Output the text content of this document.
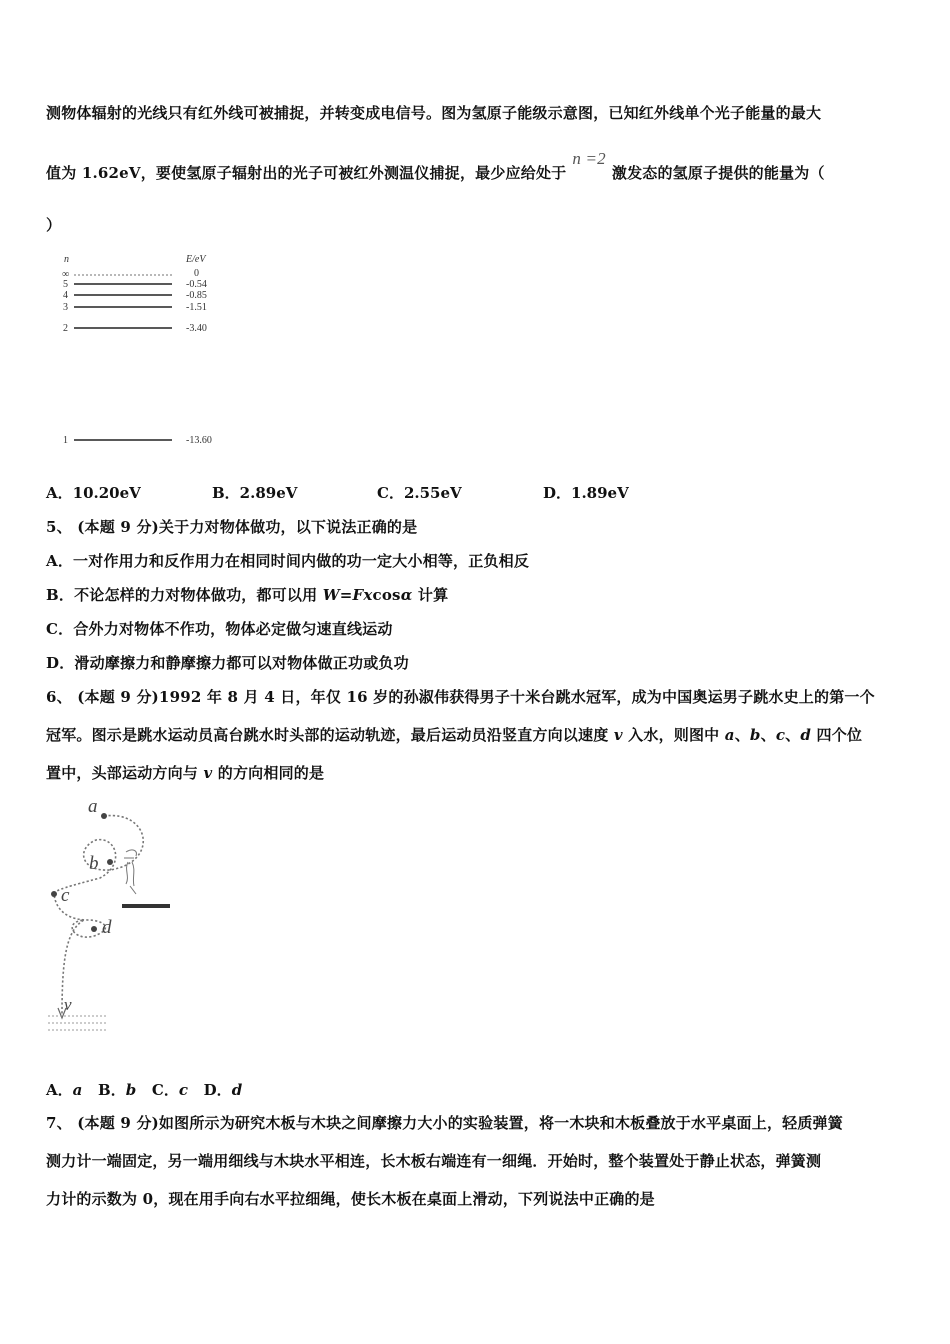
测物体辐射的光线只有红外线可被捕捉，并转变成电信号。图为氢原子能级示意图，已知红外线单个光子能量的最大
值为 1.62eV，要使氢原子辐射出的光子可被红外测温仪捕捉，最少应给处于n =2激发态的氢原子提供的能量为（
）
n	E/eV
∞	0
5	-0.54
4	-0.85
3	-1.51
2	-3.40
1	-13.60
A．10.20eV	B．2.89eV	C．2.55eV	D．1.89eV
5、 (本题 9 分)关于力对物体做功，以下说法正确的是
A．一对作用力和反作用力在相同时间内做的功一定大小相等，正负相反
B．不论怎样的力对物体做功，都可以用 W=Fxcosα 计算
C．合外力对物体不作功，物体必定做匀速直线运动
D．滑动摩擦力和静摩擦力都可以对物体做正功或负功
6、 (本题 9 分)1992 年 8 月 4 日，年仅 16 岁的孙淑伟获得男子十米台跳水冠军，成为中国奥运男子跳水史上的第一个
冠军。图示是跳水运动员高台跳水时头部的运动轨迹，最后运动员沿竖直方向以速度 v 入水，则图中 a、b、c、d 四个位
置中，头部运动方向与 v 的方向相同的是
a
b
c
d
v
A．a B．b C．c D．d
7、 (本题 9 分)如图所示为研究木板与木块之间摩擦力大小的实验装置，将一木块和木板叠放于水平桌面上，轻质弹簧
测力计一端固定，另一端用细线与木块水平相连，长木板右端连有一细绳．开始时，整个装置处于静止状态，弹簧测
力计的示数为 0，现在用手向右水平拉细绳，使长木板在桌面上滑动，下列说法中正确的是
